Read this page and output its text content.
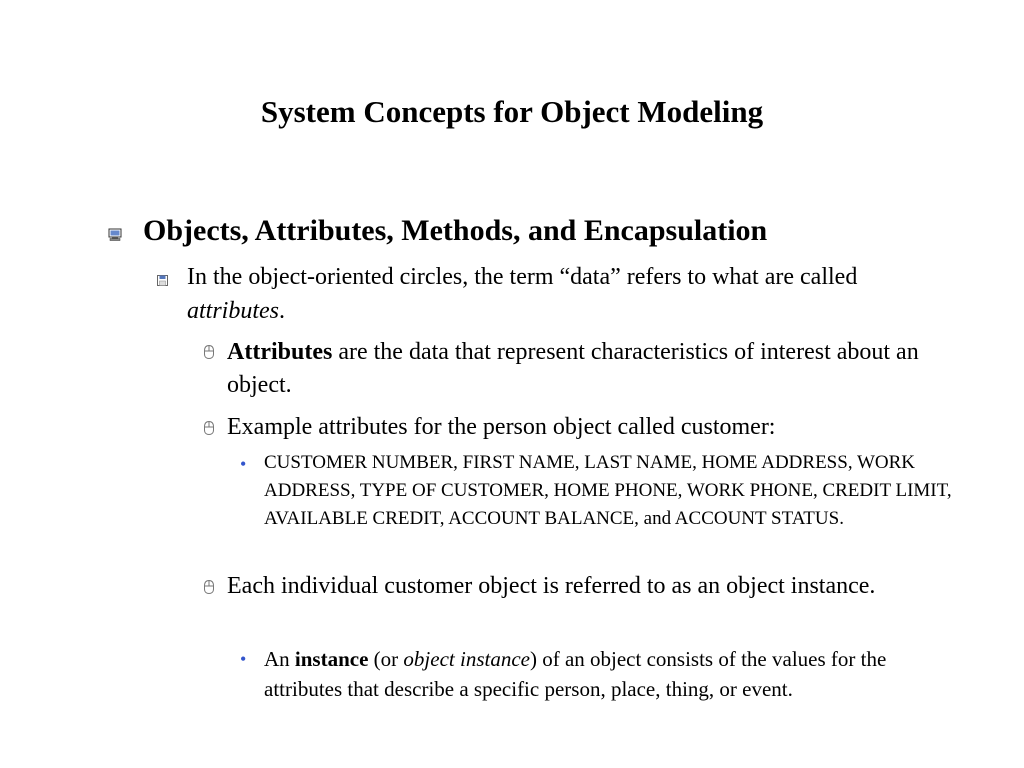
System Concepts for Object Modeling
Objects, Attributes, Methods, and Encapsulation
In the object-oriented circles, the term “data” refers to what are called attributes.
Attributes are the data that represent characteristics of interest about an object.
Example attributes for the person object called customer:
• CUSTOMER NUMBER, FIRST NAME, LAST NAME, HOME ADDRESS, WORK ADDRESS, TYPE OF CUSTOMER, HOME PHONE, WORK PHONE, CREDIT LIMIT, AVAILABLE CREDIT, ACCOUNT BALANCE, and ACCOUNT STATUS.
Each individual customer object is referred to as an object instance.
• An instance (or object instance) of an object consists of the values for the attributes that describe a specific person, place, thing, or event.
